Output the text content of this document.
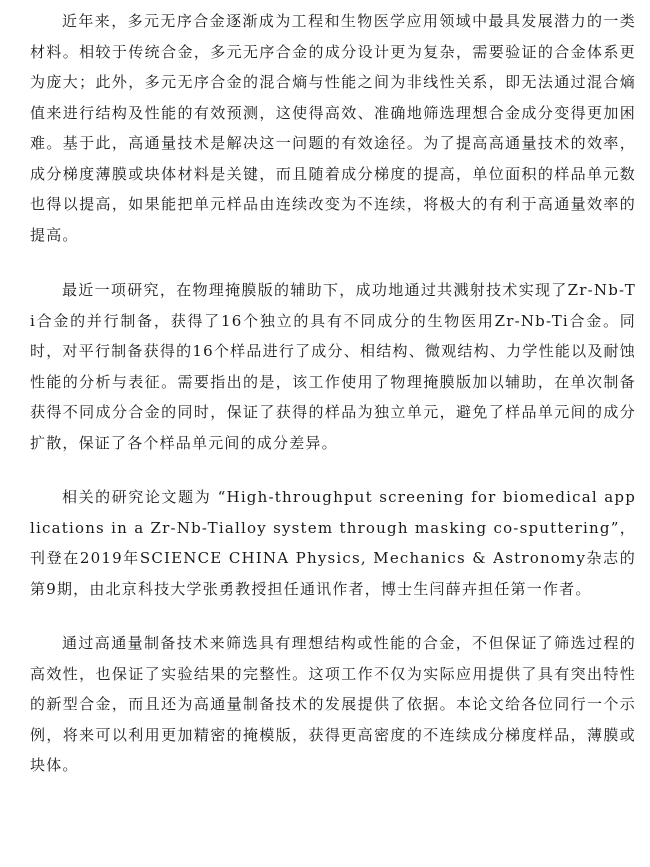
近年来，多元无序合金逐渐成为工程和生物医学应用领域中最具发展潜力的一类材料。相较于传统合金，多元无序合金的成分设计更为复杂，需要验证的合金体系更为庞大；此外，多元无序合金的混合熵与性能之间为非线性关系，即无法通过混合熵值来进行结构及性能的有效预测，这使得高效、准确地筛选理想合金成分变得更加困难。基于此，高通量技术是解决这一问题的有效途径。为了提高高通量技术的效率，成分梯度薄膜或块体材料是关键，而且随着成分梯度的提高，单位面积的样品单元数也得以提高，如果能把单元样品由连续改变为不连续，将极大的有利于高通量效率的提高。

最近一项研究，在物理掩膜版的辅助下，成功地通过共溅射技术实现了Zr-Nb-Ti合金的并行制备，获得了16个独立的具有不同成分的生物医用Zr-Nb-Ti合金。同时，对平行制备获得的16个样品进行了成分、相结构、微观结构、力学性能以及耐蚀性能的分析与表征。需要指出的是，该工作使用了物理掩膜版加以辅助，在单次制备获得不同成分合金的同时，保证了获得的样品为独立单元，避免了样品单元间的成分扩散，保证了各个样品单元间的成分差异。

相关的研究论文题为 “High-throughput screening for biomedical applications in a Zr-Nb-Tialloy system through masking co-sputtering”，刊登在2019年SCIENCE CHINA Physics, Mechanics & Astronomy杂志的第9期，由北京科技大学张勇教授担任通讯作者，博士生闫薛卉担任第一作者。

通过高通量制备技术来筛选具有理想结构或性能的合金，不但保证了筛选过程的高效性，也保证了实验结果的完整性。这项工作不仅为实际应用提供了具有突出特性的新型合金，而且还为高通量制备技术的发展提供了依据。本论文给各位同行一个示例，将来可以利用更加精密的掩模版，获得更高密度的不连续成分梯度样品，薄膜或块体。
